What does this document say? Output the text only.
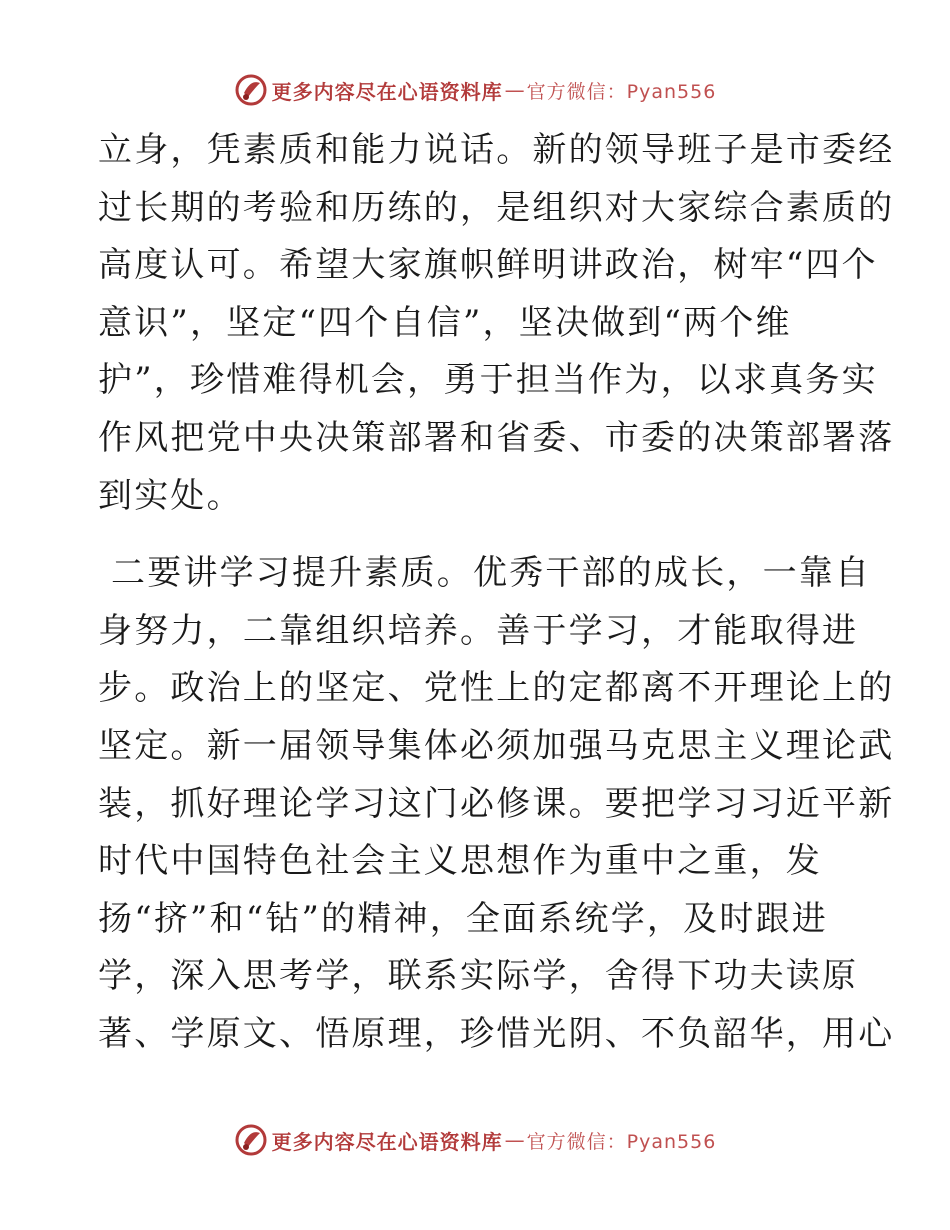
更多内容尽在心语资料库 — 官方微信：Pyan556

立身，凭素质和能力说话。新的领导班子是市委经
过长期的考验和历练的，是组织对大家综合素质的
高度认可。希望大家旗帜鲜明讲政治，树牢“四个
意识”，坚定“四个自信”，坚决做到“两个维
护”，珍惜难得机会，勇于担当作为，以求真务实
作风把党中央决策部署和省委、市委的决策部署落
到实处。

二要讲学习提升素质。优秀干部的成长，一靠自
身努力，二靠组织培养。善于学习，才能取得进
步。政治上的坚定、党性上的定都离不开理论上的
坚定。新一届领导集体必须加强马克思主义理论武
装，抓好理论学习这门必修课。要把学习习近平新
时代中国特色社会主义思想作为重中之重，发
扬“挤”和“钻”的精神，全面系统学，及时跟进
学，深入思考学，联系实际学，舍得下功夫读原
著、学原文、悟原理，珍惜光阴、不负韶华，用心

更多内容尽在心语资料库 — 官方微信：Pyan556
